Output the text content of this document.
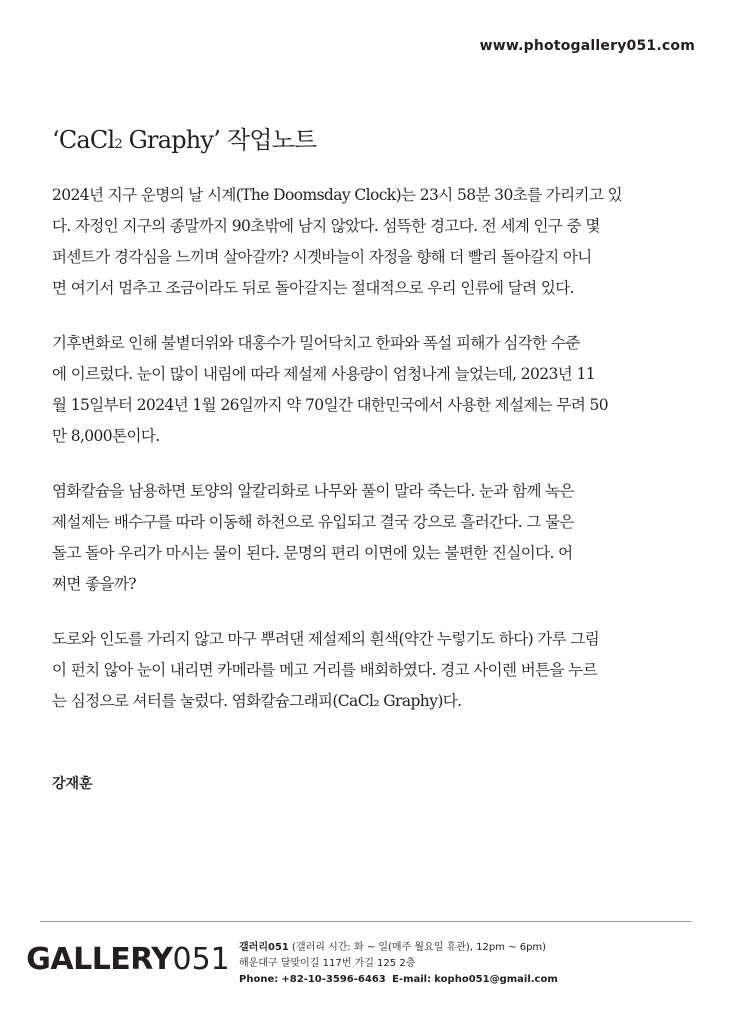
www.photogallery051.com
‘CaCl2 Graphy’ 작업노트

2024년 지구 운명의 날 시계(The Doomsday Clock)는 23시 58분 30초를 가리키고 있
다. 자정인 지구의 종말까지 90초밖에 남지 않았다. 섬뜩한 경고다. 전 세계 인구 중 몇
퍼센트가 경각심을 느끼며 살아갈까? 시곗바늘이 자정을 향해 더 빨리 돌아갈지 아니
면 여기서 멈추고 조금이라도 뒤로 돌아갈지는 절대적으로 우리 인류에 달려 있다.

기후변화로 인해 불볕더위와 대홍수가 밀어닥치고 한파와 폭설 피해가 심각한 수준
에 이르렀다. 눈이 많이 내림에 따라 제설제 사용량이 엄청나게 늘었는데, 2023년 11
월 15일부터 2024년 1월 26일까지 약 70일간 대한민국에서 사용한 제설제는 무려 50
만 8,000톤이다.

염화칼슘을 남용하면 토양의 알칼리화로 나무와 풀이 말라 죽는다. 눈과 함께 녹은
제설제는 배수구를 따라 이동해 하천으로 유입되고 결국 강으로 흘러간다. 그 물은
돌고 돌아 우리가 마시는 물이 된다. 문명의 편리 이면에 있는 불편한 진실이다. 어
쩌면 좋을까?

도로와 인도를 가리지 않고 마구 뿌려댄 제설제의 흰색(약간 누렇기도 하다) 가루 그림
이 펀치 않아 눈이 내리면 카메라를 메고 거리를 배회하였다. 경고 사이렌 버튼을 누르
는 심정으로 셔터를 눌렀다. 염화칼슘그래피(CaCl₂ Graphy)다.

강재훈
GALLERY 051 갤러리051 (갤러리 시간: 화 ~ 일(매주 월요일 휴관), 12pm ~ 6pm)
해운대구 달맞이길 117번 가길 125 2층
Phone: +82-10-3596-6463 E-mail: kopho051@gmail.com
